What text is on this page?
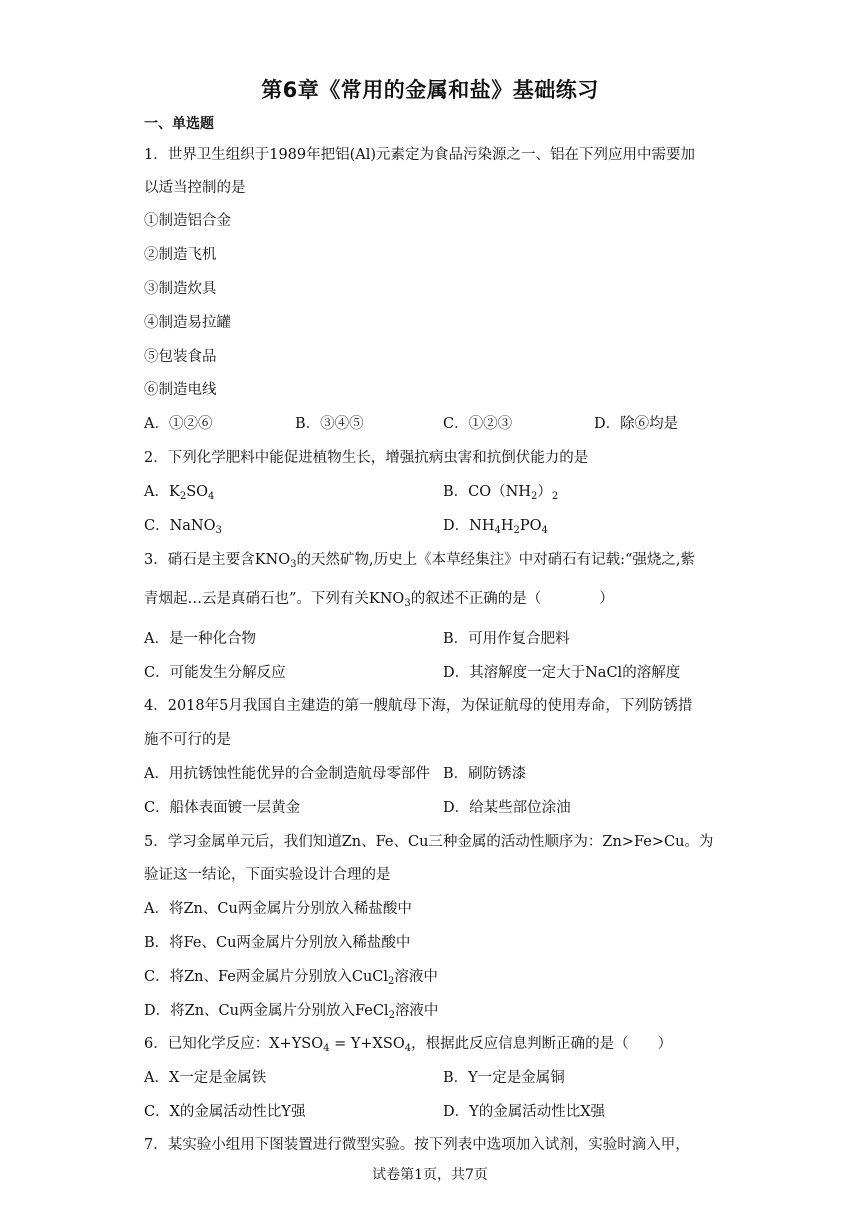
第6章《常用的金属和盐》基础练习
一、单选题
1．世界卫生组织于1989年把铝(Al)元素定为食品污染源之一、铝在下列应用中需要加
以适当控制的是
①制造铝合金
②制造飞机
③制造炊具
④制造易拉罐
⑤包装食品
⑥制造电线
A．①②⑥	B．③④⑤	C．①②③	D．除⑥均是
2．下列化学肥料中能促进植物生长，增强抗病虫害和抗倒伏能力的是
A．$K_2SO_4$	B．$CO(NH_2)_2$
C．NaNO$_3$	D．$NH_4H_2PO_4$
3．硝石是主要含$KNO_3$的天然矿物,历史上《本草经集注》中对硝石有记载:“强烧之,紫
青烟起…云是真硝石也”。下列有关$KNO_3$的叙述不正确的是（　　　　）
A．是一种化合物	B．可用作复合肥料
C．可能发生分解反应	D．其溶解度一定大于NaCl的溶解度
4．2018年5月我国自主建造的第一艘航母下海，为保证航母的使用寿命，下列防锈措
施不可行的是
A．用抗锈蚀性能优异的合金制造航母零部件 B．刷防锈漆
C．船体表面镀一层黄金	D．给某些部位涂油
5．学习金属单元后，我们知道Zn、Fe、Cu三种金属的活动性顺序为：Zn>Fe>Cu。为
验证这一结论，下面实验设计合理的是
A．将Zn、Cu两金属片分别放入稀盐酸中
B．将Fe、Cu两金属片分别放入稀盐酸中
C．将Zn、Fe两金属片分别放入CuCl$_2$溶液中
D．将Zn、Cu两金属片分别放入FeCl$_2$溶液中
6．已知化学反应：$X+YSO_4 = Y+XSO_4$，根据此反应信息判断正确的是（　　）
A．X一定是金属铁	B．Y一定是金属铜
C．X的金属活动性比Y强	D．Y的金属活动性比X强
7．某实验小组用下图装置进行微型实验。按下列表中选项加入试剂，实验时滴入甲，
试卷第1页，共7页
